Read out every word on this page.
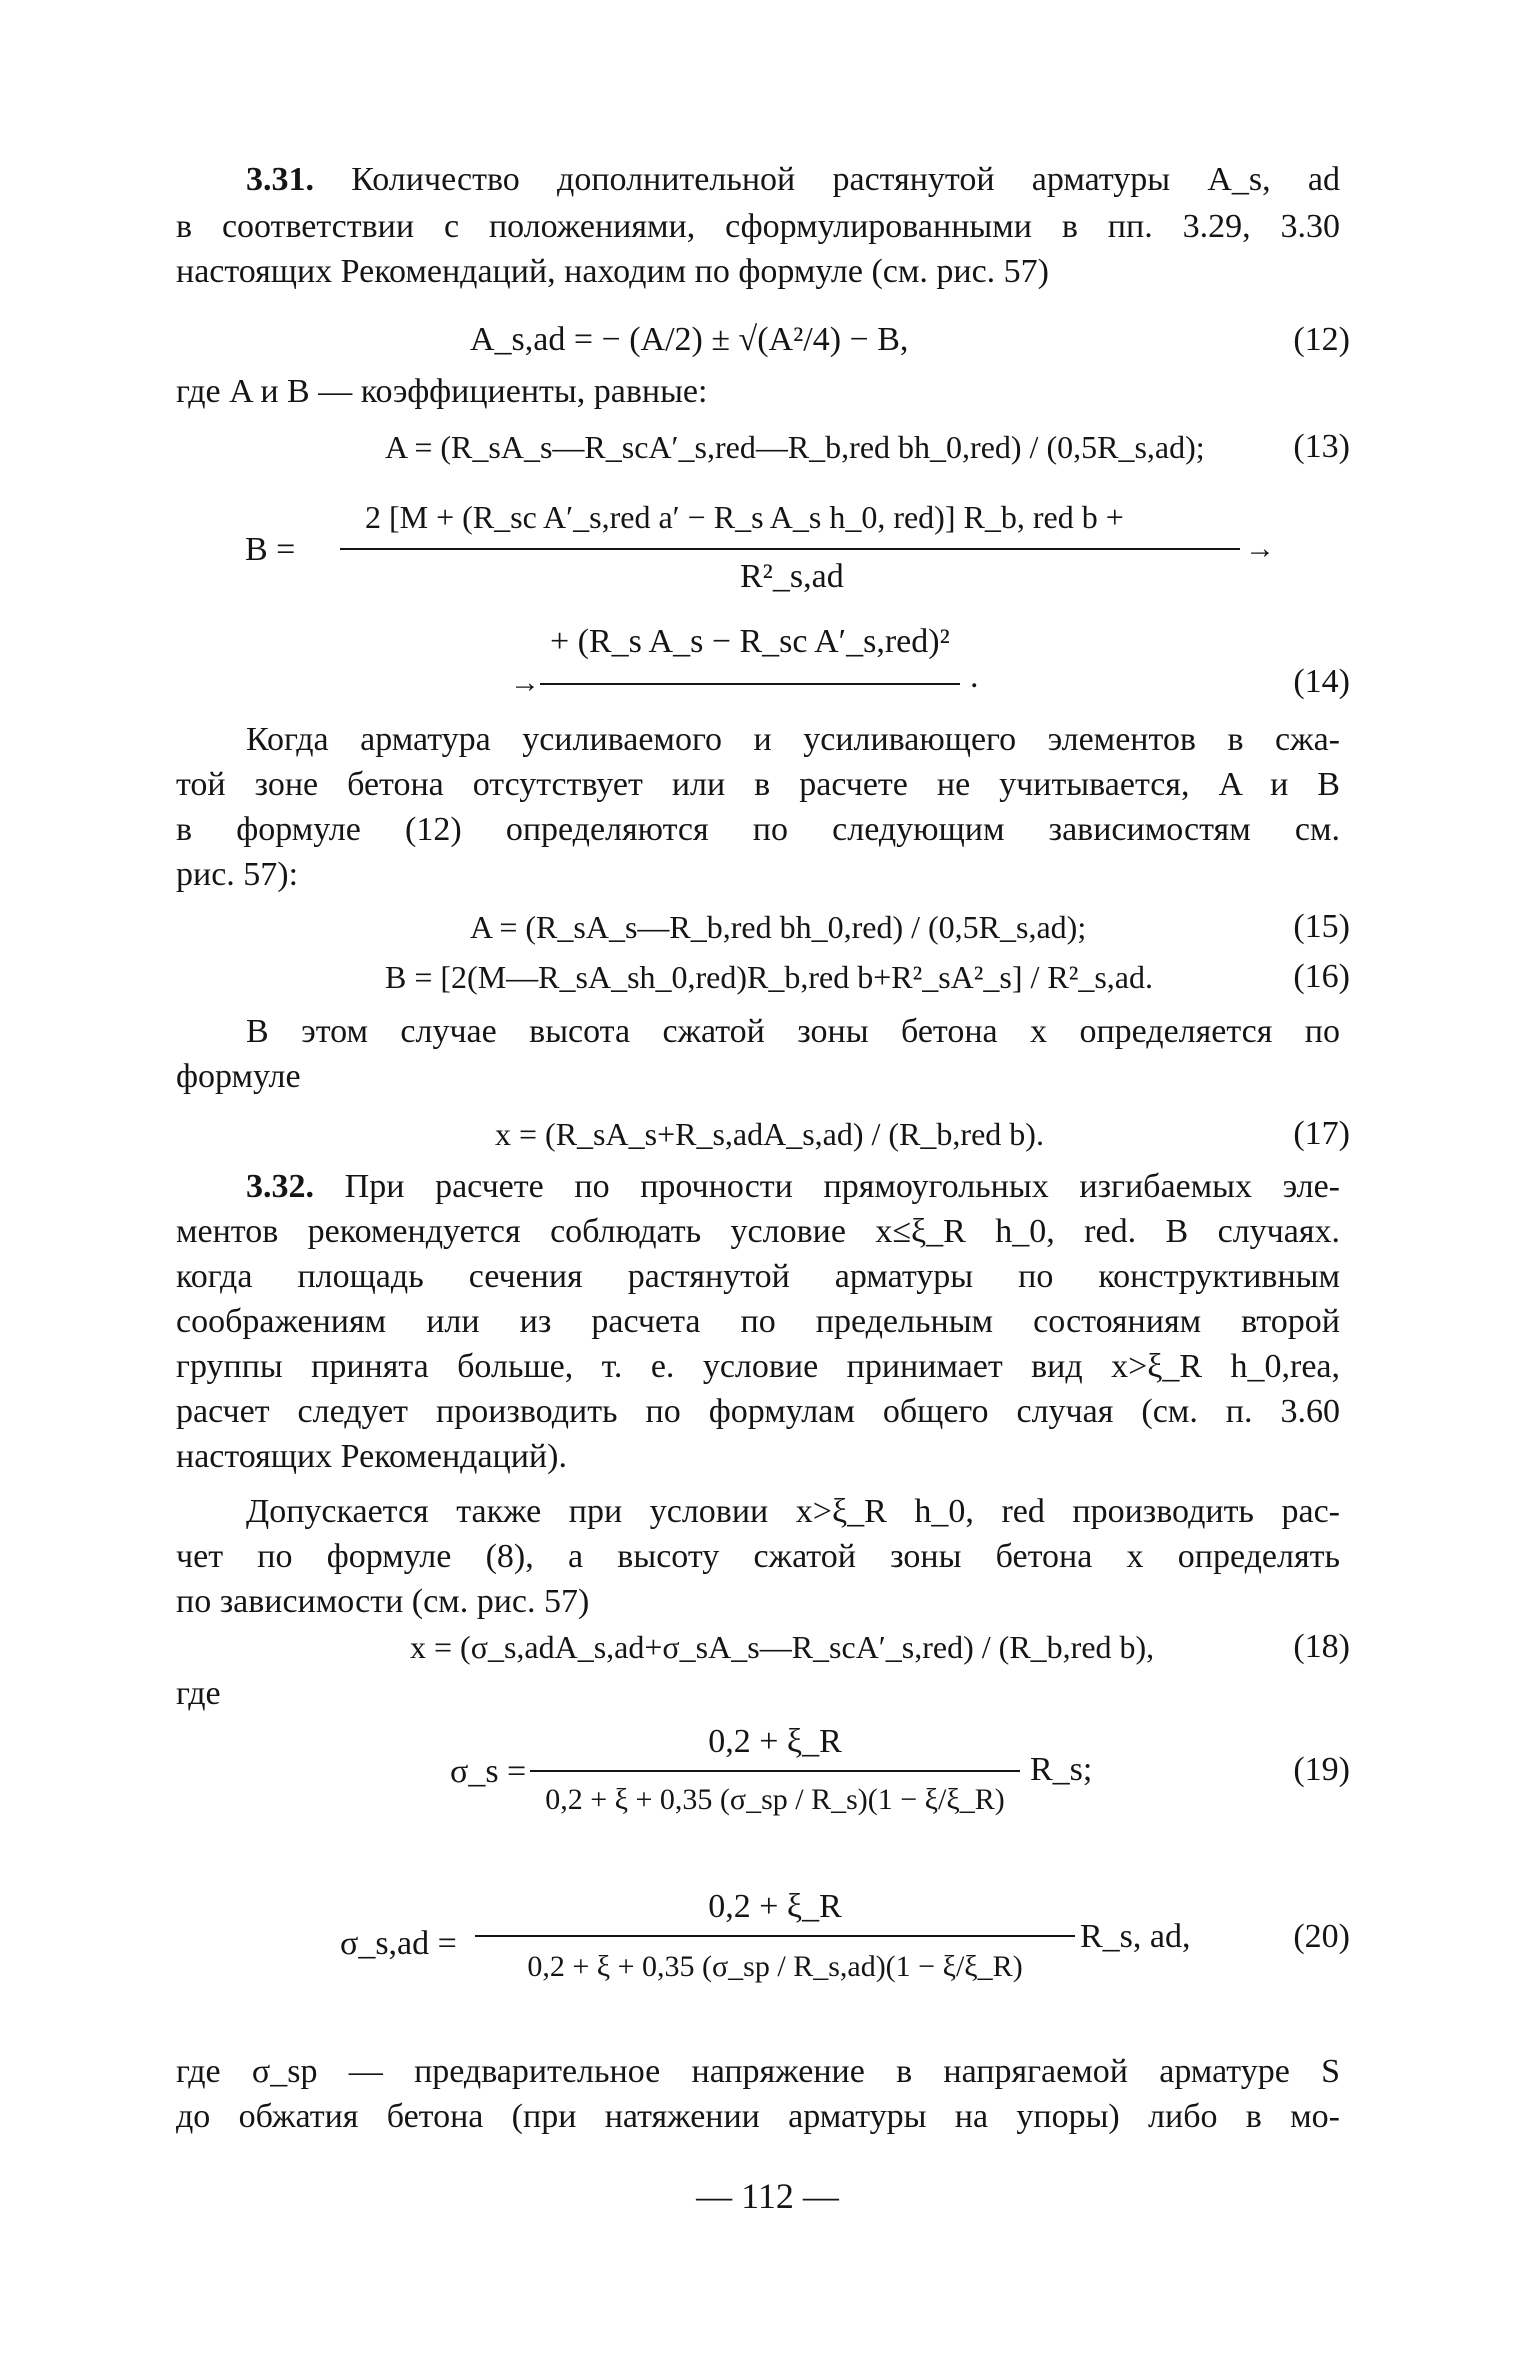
3.31. Количество дополнительной растянутой арматуры A_s, ad
в соответствии с положениями, сформулированными в пп. 3.29, 3.30
настоящих Рекомендаций, находим по формуле (см. рис. 57)
A_s,ad = − (A/2) ± √(A²/4) − B,	(12)
где A и B — коэффициенты, равные:
A = (R_sA_s—R_scA′_s,red—R_b,red bh_0,red) / (0,5R_s,ad);	(13)
B =
2 [M + (R_sc A′_s,red a′ − R_s A_s h_0, red)] R_b, red b +
→
R²_s,ad
+ (R_s A_s − R_sc A′_s,red)²
→	.	(14)
Когда арматура усиливаемого и усиливающего элементов в сжа-
той зоне бетона отсутствует или в расчете не учитывается, A и B
в формуле (12) определяются по следующим зависимостям см.
рис. 57):
A = (R_sA_s—R_b,red bh_0,red) / (0,5R_s,ad);	(15)
B = [2(M—R_sA_sh_0,red)R_b,red b+R²_sA²_s] / R²_s,ad.	(16)
В этом случае высота сжатой зоны бетона x определяется по
формуле
x = (R_sA_s+R_s,adA_s,ad) / (R_b,red b).	(17)
3.32. При расчете по прочности прямоугольных изгибаемых эле-
ментов рекомендуется соблюдать условие x≤ξ_R h_0, red. В случаях.
когда площадь сечения растянутой арматуры по конструктивным
соображениям или из расчета по предельным состояниям второй
группы принята больше, т. е. условие принимает вид x>ξ_R h_0,rea,
расчет следует производить по формулам общего случая (см. п. 3.60
настоящих Рекомендаций).
Допускается также при условии x>ξ_R h_0, red производить рас-
чет по формуле (8), а высоту сжатой зоны бетона x определять
по зависимости (см. рис. 57)
x = (σ_s,adA_s,ad+σ_sA_s—R_scA′_s,red) / (R_b,red b),	(18)
где
σ_s =
0,2 + ξ_R
0,2 + ξ + 0,35 (σ_sp / R_s)(1 − ξ/ξ_R)
R_s;	(19)
σ_s,ad =
0,2 + ξ_R
0,2 + ξ + 0,35 (σ_sp / R_s,ad)(1 − ξ/ξ_R)
R_s, ad,	(20)
где σ_sp — предварительное напряжение в напрягаемой арматуре S
до обжатия бетона (при натяжении арматуры на упоры) либо в мо-
— 112 —
